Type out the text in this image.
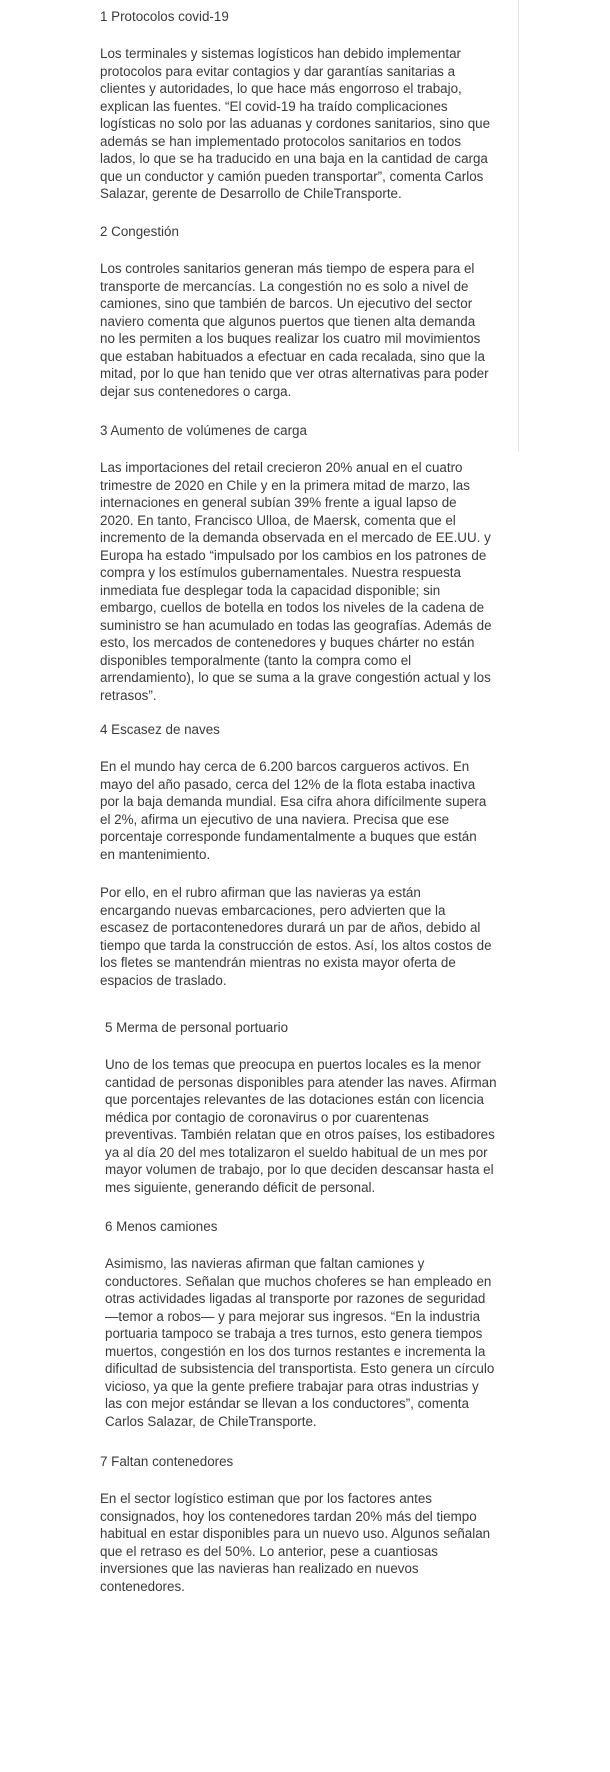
1 Protocolos covid-19
Los terminales y sistemas logísticos han debido implementar
protocolos para evitar contagios y dar garantías sanitarias a
clientes y autoridades, lo que hace más engorroso el trabajo,
explican las fuentes. “El covid-19 ha traído complicaciones
logísticas no solo por las aduanas y cordones sanitarios, sino que
además se han implementado protocolos sanitarios en todos
lados, lo que se ha traducido en una baja en la cantidad de carga
que un conductor y camión pueden transportar”, comenta Carlos
Salazar, gerente de Desarrollo de ChileTransporte.
2 Congestión
Los controles sanitarios generan más tiempo de espera para el
transporte de mercancías. La congestión no es solo a nivel de
camiones, sino que también de barcos. Un ejecutivo del sector
naviero comenta que algunos puertos que tienen alta demanda
no les permiten a los buques realizar los cuatro mil movimientos
que estaban habituados a efectuar en cada recalada, sino que la
mitad, por lo que han tenido que ver otras alternativas para poder
dejar sus contenedores o carga.
3 Aumento de volúmenes de carga
Las importaciones del retail crecieron 20% anual en el cuatro
trimestre de 2020 en Chile y en la primera mitad de marzo, las
internaciones en general subían 39% frente a igual lapso de
2020. En tanto, Francisco Ulloa, de Maersk, comenta que el
incremento de la demanda observada en el mercado de EE.UU. y
Europa ha estado “impulsado por los cambios en los patrones de
compra y los estímulos gubernamentales. Nuestra respuesta
inmediata fue desplegar toda la capacidad disponible; sin
embargo, cuellos de botella en todos los niveles de la cadena de
suministro se han acumulado en todas las geografías. Además de
esto, los mercados de contenedores y buques chárter no están
disponibles temporalmente (tanto la compra como el
arrendamiento), lo que se suma a la grave congestión actual y los
retrasos”.
4 Escasez de naves
En el mundo hay cerca de 6.200 barcos cargueros activos. En
mayo del año pasado, cerca del 12% de la flota estaba inactiva
por la baja demanda mundial. Esa cifra ahora difícilmente supera
el 2%, afirma un ejecutivo de una naviera. Precisa que ese
porcentaje corresponde fundamentalmente a buques que están
en mantenimiento.
Por ello, en el rubro afirman que las navieras ya están
encargando nuevas embarcaciones, pero advierten que la
escasez de portacontenedores durará un par de años, debido al
tiempo que tarda la construcción de estos. Así, los altos costos de
los fletes se mantendrán mientras no exista mayor oferta de
espacios de traslado.
5 Merma de personal portuario
Uno de los temas que preocupa en puertos locales es la menor
cantidad de personas disponibles para atender las naves. Afirman
que porcentajes relevantes de las dotaciones están con licencia
médica por contagio de coronavirus o por cuarentenas
preventivas. También relatan que en otros países, los estibadores
ya al día 20 del mes totalizaron el sueldo habitual de un mes por
mayor volumen de trabajo, por lo que deciden descansar hasta el
mes siguiente, generando déficit de personal.
6 Menos camiones
Asimismo, las navieras afirman que faltan camiones y
conductores. Señalan que muchos choferes se han empleado en
otras actividades ligadas al transporte por razones de seguridad
—temor a robos— y para mejorar sus ingresos. “En la industria
portuaria tampoco se trabaja a tres turnos, esto genera tiempos
muertos, congestión en los dos turnos restantes e incrementa la
dificultad de subsistencia del transportista. Esto genera un círculo
vicioso, ya que la gente prefiere trabajar para otras industrias y
las con mejor estándar se llevan a los conductores”, comenta
Carlos Salazar, de ChileTransporte.
7 Faltan contenedores
En el sector logístico estiman que por los factores antes
consignados, hoy los contenedores tardan 20% más del tiempo
habitual en estar disponibles para un nuevo uso. Algunos señalan
que el retraso es del 50%. Lo anterior, pese a cuantiosas
inversiones que las navieras han realizado en nuevos
contenedores.
